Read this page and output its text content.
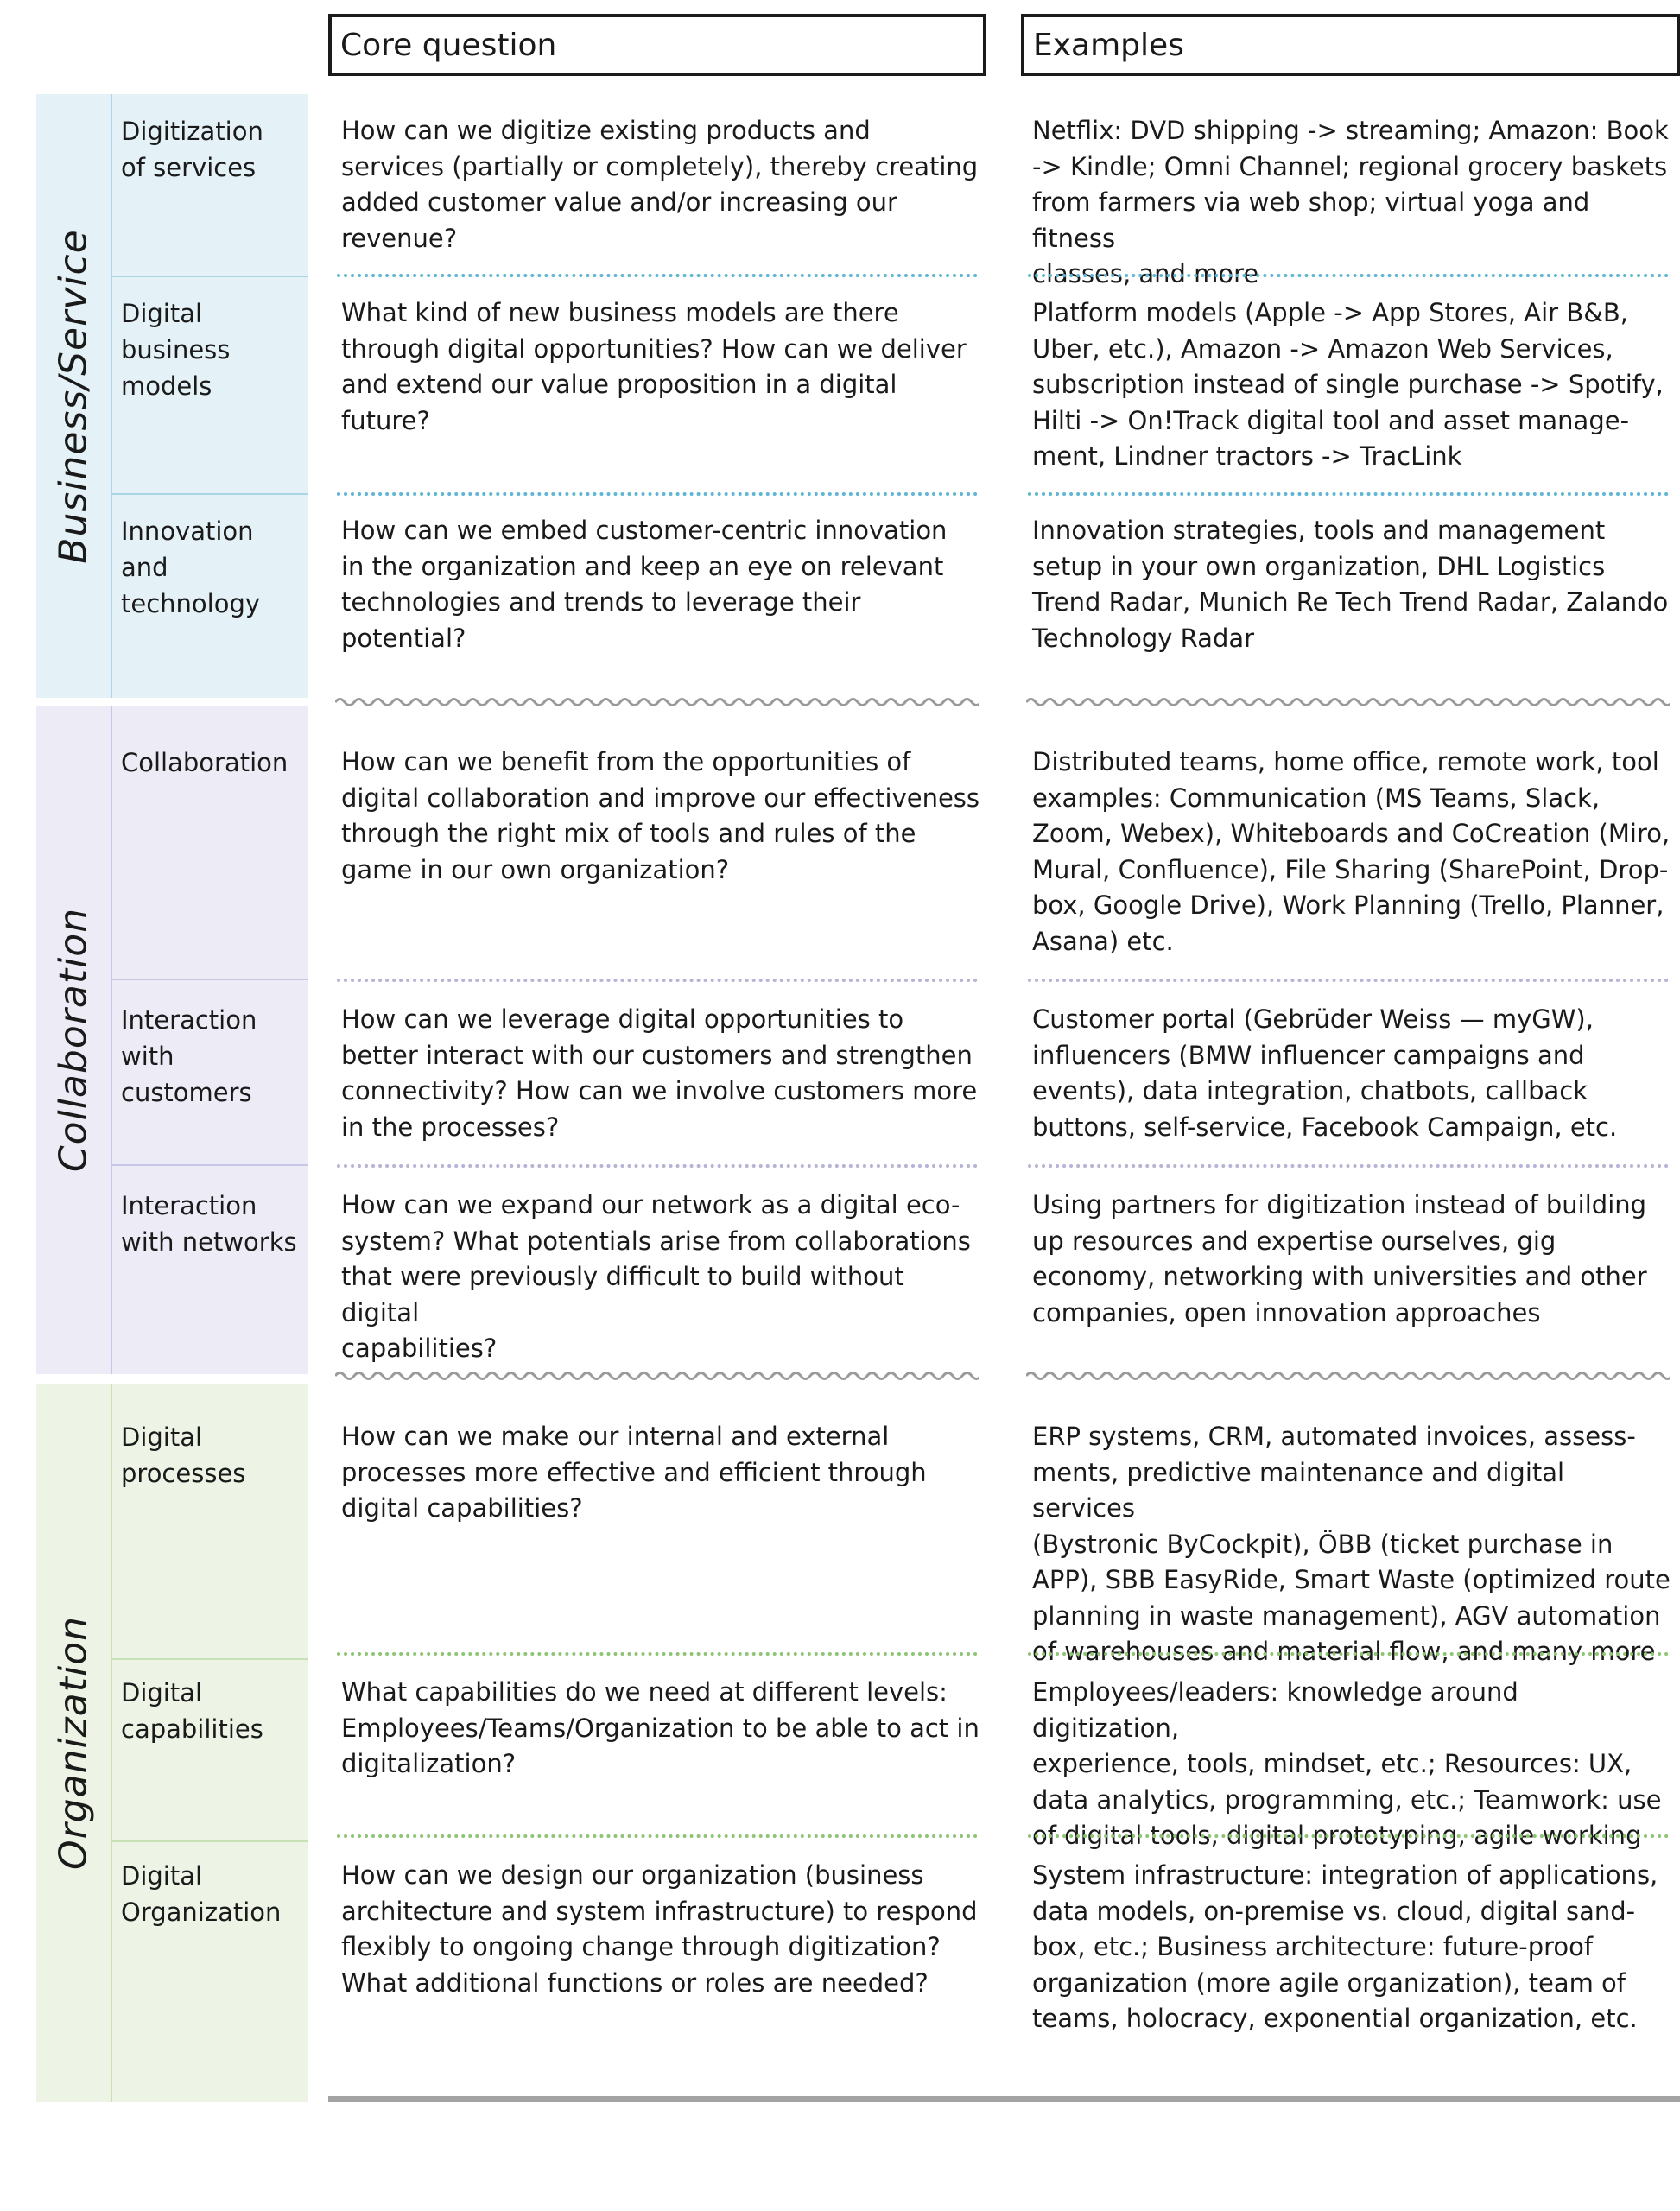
Core question	Examples
Business/Service
Collaboration
Organization
Digitization
of services
Digital
business
models
Innovation
and
technology
Collaboration
Interaction
with
customers
Interaction
with networks
Digital
processes
Digital
capabilities
Digital
Organization
How can we digitize existing products and
services (partially or completely), thereby creating
added customer value and/or increasing our
revenue?
What kind of new business models are there
through digital opportunities? How can we deliver
and extend our value proposition in a digital
future?
How can we embed customer-centric innovation
in the organization and keep an eye on relevant
technologies and trends to leverage their
potential?
How can we benefit from the opportunities of
digital collaboration and improve our effectiveness
through the right mix of tools and rules of the
game in our own organization?
How can we leverage digital opportunities to
better interact with our customers and strengthen
connectivity? How can we involve customers more
in the processes?
How can we expand our network as a digital eco-
system? What potentials arise from collaborations
that were previously difficult to build without digital
capabilities?
How can we make our internal and external
processes more effective and efficient through
digital capabilities?
What capabilities do we need at different levels:
Employees/Teams/Organization to be able to act in
digitalization?
How can we design our organization (business
architecture and system infrastructure) to respond
flexibly to ongoing change through digitization?
What additional functions or roles are needed?
Netflix: DVD shipping -> streaming; Amazon: Book
-> Kindle; Omni Channel; regional grocery baskets
from farmers via web shop; virtual yoga and fitness
classes, and more
Platform models (Apple -> App Stores, Air B&B,
Uber, etc.), Amazon -> Amazon Web Services,
subscription instead of single purchase -> Spotify,
Hilti -> On!Track digital tool and asset manage-
ment, Lindner tractors -> TracLink
Innovation strategies, tools and management
setup in your own organization, DHL Logistics
Trend Radar, Munich Re Tech Trend Radar, Zalando
Technology Radar
Distributed teams, home office, remote work, tool
examples: Communication (MS Teams, Slack,
Zoom, Webex), Whiteboards and CoCreation (Miro,
Mural, Confluence), File Sharing (SharePoint, Drop-
box, Google Drive), Work Planning (Trello, Planner,
Asana) etc.
Customer portal (Gebrüder Weiss — myGW),
influencers (BMW influencer campaigns and
events), data integration, chatbots, callback
buttons, self-service, Facebook Campaign, etc.
Using partners for digitization instead of building
up resources and expertise ourselves, gig
economy, networking with universities and other
companies, open innovation approaches
ERP systems, CRM, automated invoices, assess-
ments, predictive maintenance and digital services
(Bystronic ByCockpit), ÖBB (ticket purchase in
APP), SBB EasyRide, Smart Waste (optimized route
planning in waste management), AGV automation
of warehouses and material flow, and many more
Employees/leaders: knowledge around digitization,
experience, tools, mindset, etc.; Resources: UX,
data analytics, programming, etc.; Teamwork: use
of digital tools, digital prototyping, agile working
System infrastructure: integration of applications,
data models, on-premise vs. cloud, digital sand-
box, etc.; Business architecture: future-proof
organization (more agile organization), team of
teams, holocracy, exponential organization, etc.
